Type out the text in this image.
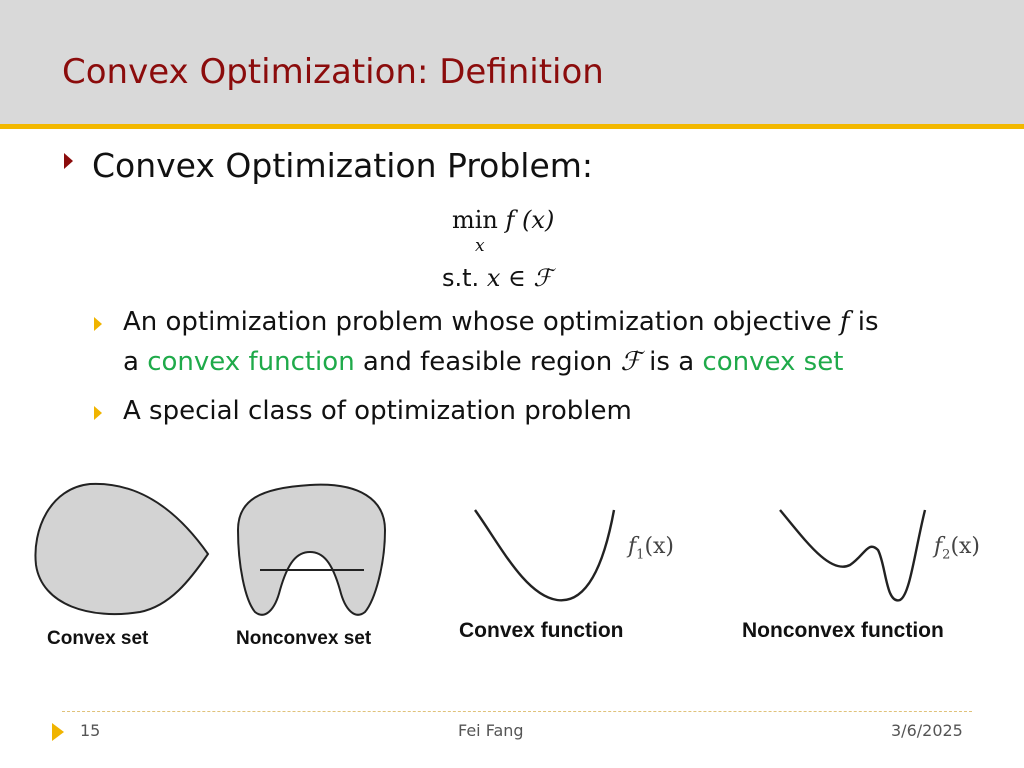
Convex Optimization: Definition
Convex Optimization Problem:
min f (x)
x
s.t. x ∈ ℱ
An optimization problem whose optimization objective f is
a convex function and feasible region ℱ is a convex set
A special class of optimization problem
$f_1(x)$	$f_2(x)$
Convex set	Nonconvex set	Convex function	Nonconvex function
15	Fei Fang	3/6/2025
